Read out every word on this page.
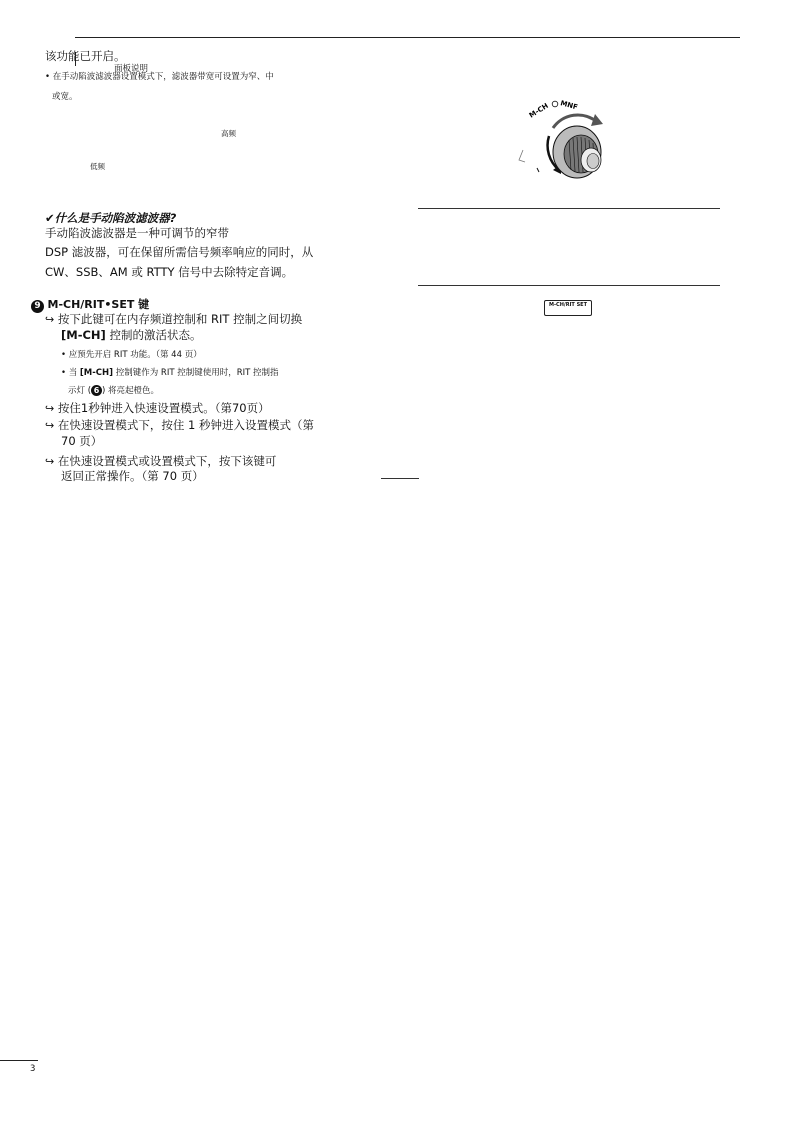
面板说明
该功能已开启。
• 在手动陷波滤波器设置模式下，滤波器带宽可设置为窄、中
或宽。
高频
低频
✔什么是手动陷波滤波器?
手动陷波滤波器是一种可调节的窄带
DSP 滤波器，可在保留所需信号频率响应的同时，从
CW、SSB、AM 或 RTTY 信号中去除特定音调。
9 M-CH/RIT•SET 键
↪ 按下此键可在内存频道控制和 RIT 控制之间切换
[M-CH] 控制的激活状态。
• 应预先开启 RIT 功能。（第 44 页）
• 当 [M-CH] 控制键作为 RIT 控制键使用时，RIT 控制指
示灯 ( 6 ) 将亮起橙色。
↪ 按住1秒钟进入快速设置模式。（第70页）
↪ 在快速设置模式下，按住 1 秒钟进入设置模式（第
70 页）
↪ 在快速设置模式或设置模式下，按下该键可
返回正常操作。（第 70 页）
M-CH MNF
M-CH/RIT SET
3
